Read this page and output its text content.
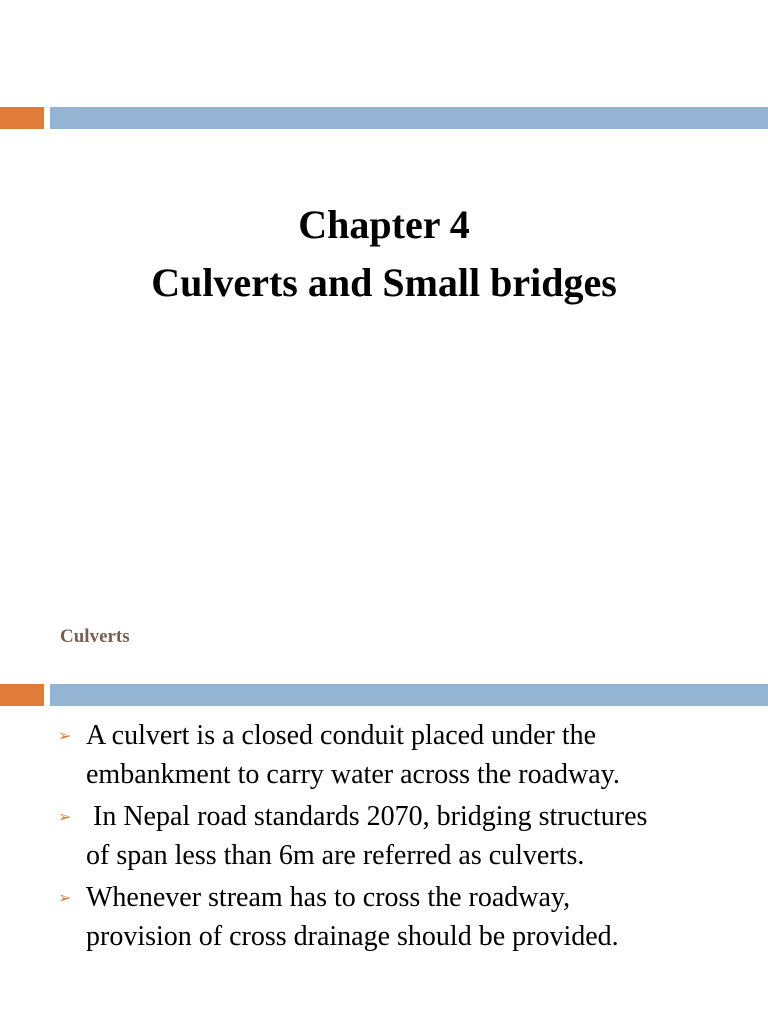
Chapter 4
Culverts and Small bridges
Culverts
➢ A culvert is a closed conduit placed under the
embankment to carry water across the roadway.
➢ In Nepal road standards 2070, bridging structures
of span less than 6m are referred as culverts.
➢ Whenever stream has to cross the roadway,
provision of cross drainage should be provided.
